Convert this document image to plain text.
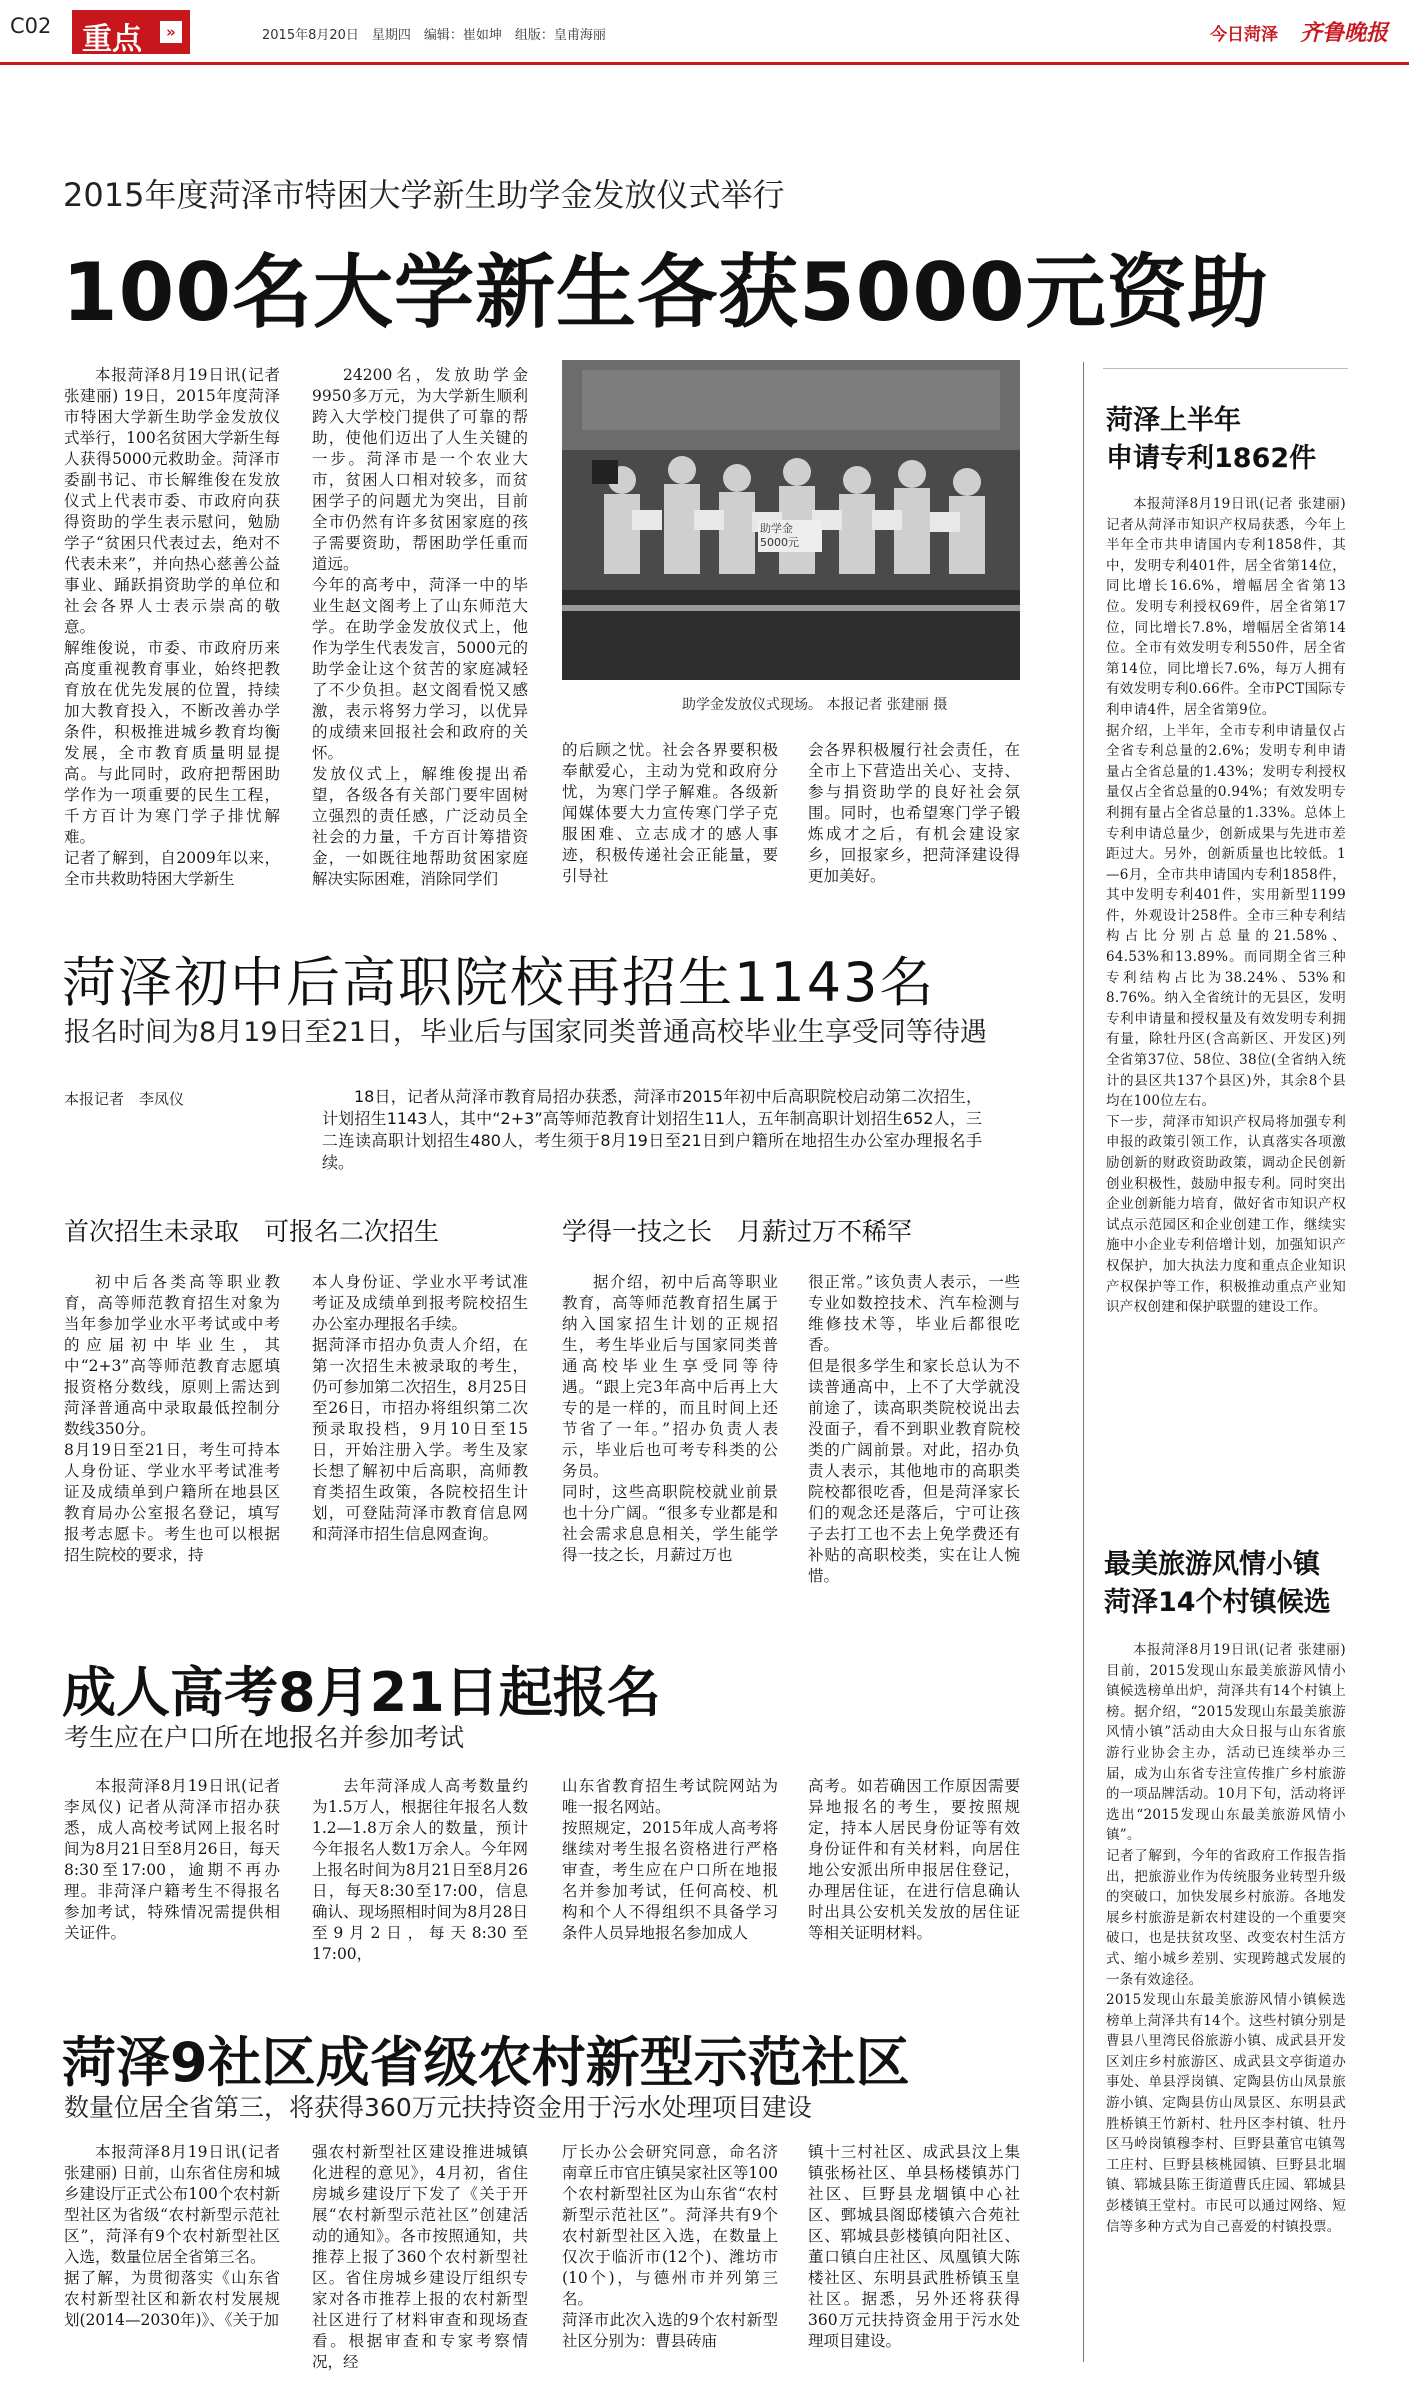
C02 重点	»	2015年8月20日　星期四　编辑：崔如坤　组版：皇甫海丽	今日菏泽 齐鲁晚报
2015年度菏泽市特困大学新生助学金发放仪式举行
100名大学新生各获5000元资助

本报菏泽8月19日讯(记者 张建丽) 19日，2015年度菏泽市特困大学新生助学金发放仪式举行，100名贫困大学新生每人获得5000元救助金。菏泽市委副书记、市长解维俊在发放仪式上代表市委、市政府向获得资助的学生表示慰问，勉励学子“贫困只代表过去，绝对不代表未来”，并向热心慈善公益事业、踊跃捐资助学的单位和社会各界人士表示崇高的敬意。
解维俊说，市委、市政府历来高度重视教育事业，始终把教育放在优先发展的位置，持续加大教育投入，不断改善办学条件，积极推进城乡教育均衡发展，全市教育质量明显提高。与此同时，政府把帮困助学作为一项重要的民生工程，千方百计为寒门学子排忧解难。
记者了解到，自2009年以来，全市共救助特困大学新生

24200名，发放助学金9950多万元，为大学新生顺利跨入大学校门提供了可靠的帮助，使他们迈出了人生关键的一步。菏泽市是一个农业大市，贫困人口相对较多，而贫困学子的问题尤为突出，目前全市仍然有许多贫困家庭的孩子需要资助，帮困助学任重而道远。
今年的高考中，菏泽一中的毕业生赵文阁考上了山东师范大学。在助学金发放仪式上，他作为学生代表发言，5000元的助学金让这个贫苦的家庭减轻了不少负担。赵文阁看悦又感激，表示将努力学习，以优异的成绩来回报社会和政府的关怀。
发放仪式上，解维俊提出希望，各级各有关部门要牢固树立强烈的责任感，广泛动员全社会的力量，千方百计筹措资金，一如既往地帮助贫困家庭解决实际困难，消除同学们

助学金 5000元
助学金发放仪式现场。 本报记者 张建丽 摄

的后顾之忧。社会各界要积极奉献爱心，主动为党和政府分忧，为寒门学子解难。各级新闻媒体要大力宣传寒门学子克服困难、立志成才的感人事迹，积极传递社会正能量，要引导社

会各界积极履行社会责任，在全市上下营造出关心、支持、参与捐资助学的良好社会氛围。同时，也希望寒门学子锻炼成才之后，有机会建设家乡，回报家乡，把菏泽建设得更加美好。

菏泽上半年
申请专利1862件

本报菏泽8月19日讯(记者 张建丽) 记者从菏泽市知识产权局获悉，今年上半年全市共申请国内专利1858件，其中，发明专利401件，居全省第14位，同比增长16.6%，增幅居全省第13位。发明专利授权69件，居全省第17位，同比增长7.8%，增幅居全省第14位。全市有效发明专利550件，居全省第14位，同比增长7.6%，每万人拥有有效发明专利0.66件。全市PCT国际专利申请4件，居全省第9位。
据介绍，上半年，全市专利申请量仅占全省专利总量的2.6%；发明专利申请量占全省总量的1.43%；发明专利授权量仅占全省总量的0.94%；有效发明专利拥有量占全省总量的1.33%。总体上专利申请总量少，创新成果与先进市差距过大。另外，创新质量也比较低。1—6月，全市共申请国内专利1858件，其中发明专利401件，实用新型1199件，外观设计258件。全市三种专利结构占比分别占总量的21.58%、64.53%和13.89%。而同期全省三种专利结构占比为38.24%、53%和8.76%。纳入全省统计的无县区，发明专利申请量和授权量及有效发明专利拥有量，除牡丹区(含高新区、开发区)列全省第37位、58位、38位(全省纳入统计的县区共137个县区)外，其余8个县均在100位左右。
下一步，菏泽市知识产权局将加强专利申报的政策引领工作，认真落实各项激励创新的财政资助政策，调动企民创新创业积极性，鼓励申报专利。同时突出企业创新能力培育，做好省市知识产权试点示范园区和企业创建工作，继续实施中小企业专利倍增计划，加强知识产权保护，加大执法力度和重点企业知识产权保护等工作，积极推动重点产业知识产权创建和保护联盟的建设工作。

最美旅游风情小镇
菏泽14个村镇候选

本报菏泽8月19日讯(记者 张建丽) 目前，2015发现山东最美旅游风情小镇候选榜单出炉，菏泽共有14个村镇上榜。据介绍，“2015发现山东最美旅游风情小镇”活动由大众日报与山东省旅游行业协会主办，活动已连续举办三届，成为山东省专注宣传推广乡村旅游的一项品牌活动。10月下旬，活动将评选出“2015发现山东最美旅游风情小镇”。
记者了解到，今年的省政府工作报告指出，把旅游业作为传统服务业转型升级的突破口，加快发展乡村旅游。各地发展乡村旅游是新农村建设的一个重要突破口，也是扶贫攻坚、改变农村生活方式、缩小城乡差别、实现跨越式发展的一条有效途径。
2015发现山东最美旅游风情小镇候选榜单上菏泽共有14个。这些村镇分别是曹县八里湾民俗旅游小镇、成武县开发区刘庄乡村旅游区、成武县文亭街道办事处、单县浮岗镇、定陶县仿山凤景旅游小镇、定陶县仿山凤景区、东明县武胜桥镇王竹新村、牡丹区李村镇、牡丹区马岭岗镇穆李村、巨野县董官屯镇驾工庄村、巨野县核桃园镇、巨野县北堌镇、郓城县陈王街道曹氏庄园、郓城县彭楼镇王堂村。市民可以通过网络、短信等多种方式为自己喜爱的村镇投票。

菏泽初中后高职院校再招生1143名
报名时间为8月19日至21日，毕业后与国家同类普通高校毕业生享受同等待遇
本报记者　李凤仪	18日，记者从菏泽市教育局招办获悉，菏泽市2015年初中后高职院校启动第二次招生，计划招生1143人，其中“2+3”高等师范教育计划招生11人，五年制高职计划招生652人，三二连读高职计划招生480人，考生须于8月19日至21日到户籍所在地招生办公室办理报名手续。

首次招生未录取　可报名二次招生	学得一技之长　月薪过万不稀罕

初中后各类高等职业教育，高等师范教育招生对象为当年参加学业水平考试或中考的应届初中毕业生，其中“2+3”高等师范教育志愿填报资格分数线，原则上需达到菏泽普通高中录取最低控制分数线350分。
8月19日至21日，考生可持本人身份证、学业水平考试准考证及成绩单到户籍所在地县区教育局办公室报名登记，填写报考志愿卡。考生也可以根据招生院校的要求，持

本人身份证、学业水平考试准考证及成绩单到报考院校招生办公室办理报名手续。
据菏泽市招办负责人介绍，在第一次招生未被录取的考生，仍可参加第二次招生，8月25日至26日，市招办将组织第二次预录取投档，9月10日至15日，开始注册入学。考生及家长想了解初中后高职，高师教育类招生政策，各院校招生计划，可登陆菏泽市教育信息网和菏泽市招生信息网查询。

据介绍，初中后高等职业教育，高等师范教育招生属于纳入国家招生计划的正规招生，考生毕业后与国家同类普通高校毕业生享受同等待遇。“跟上完3年高中后再上大专的是一样的，而且时间上还节省了一年。”招办负责人表示，毕业后也可考专科类的公务员。
同时，这些高职院校就业前景也十分广阔。“很多专业都是和社会需求息息相关，学生能学得一技之长，月薪过万也

很正常。”该负责人表示，一些专业如数控技术、汽车检测与维修技术等，毕业后都很吃香。
但是很多学生和家长总认为不读普通高中，上不了大学就没前途了，读高职类院校说出去没面子，看不到职业教育院校类的广阔前景。对此，招办负责人表示，其他地市的高职类院校都很吃香，但是菏泽家长们的观念还是落后，宁可让孩子去打工也不去上免学费还有补贴的高职校类，实在让人惋惜。

成人高考8月21日起报名
考生应在户口所在地报名并参加考试

本报菏泽8月19日讯(记者 李凤仪) 记者从菏泽市招办获悉，成人高校考试网上报名时间为8月21日至8月26日，每天8:30至17:00，逾期不再办理。非菏泽户籍考生不得报名参加考试，特殊情况需提供相关证件。

去年菏泽成人高考数量约为1.5万人，根据往年报名人数1.2—1.8万余人的数量，预计今年报名人数1万余人。今年网上报名时间为8月21日至8月26日，每天8:30至17:00，信息确认、现场照相时间为8月28日至9月2日，每天8:30至17:00，

山东省教育招生考试院网站为唯一报名网站。
按照规定，2015年成人高考将继续对考生报名资格进行严格审查，考生应在户口所在地报名并参加考试，任何高校、机构和个人不得组织不具备学习条件人员异地报名参加成人

高考。如若确因工作原因需要异地报名的考生，要按照规定，持本人居民身份证等有效身份证件和有关材料，向居住地公安派出所申报居住登记，办理居住证，在进行信息确认时出具公安机关发放的居住证等相关证明材料。

菏泽9社区成省级农村新型示范社区
数量位居全省第三，将获得360万元扶持资金用于污水处理项目建设

本报菏泽8月19日讯(记者 张建丽) 日前，山东省住房和城乡建设厅正式公布100个农村新型社区为省级“农村新型示范社区”，菏泽有9个农村新型社区入选，数量位居全省第三名。
据了解，为贯彻落实《山东省农村新型社区和新农村发展规划(2014—2030年)》、《关于加

强农村新型社区建设推进城镇化进程的意见》，4月初，省住房城乡建设厅下发了《关于开展“农村新型示范社区”创建活动的通知》。各市按照通知，共推荐上报了360个农村新型社区。省住房城乡建设厅组织专家对各市推荐上报的农村新型社区进行了材料审查和现场查看。根据审查和专家考察情况，经

厅长办公会研究同意，命名济南章丘市官庄镇吴家社区等100个农村新型社区为山东省“农村新型示范社区”。菏泽共有9个农村新型社区入选，在数量上仅次于临沂市(12个)、潍坊市(10个)，与德州市并列第三名。
菏泽市此次入选的9个农村新型社区分别为：曹县砖庙

镇十三村社区、成武县汶上集镇张杨社区、单县杨楼镇苏门社区、巨野县龙堌镇中心社区、鄄城县阁邸楼镇六合苑社区、郓城县彭楼镇向阳社区、董口镇白庄社区、凤凰镇大陈楼社区、东明县武胜桥镇玉皇社区。据悉，另外还将获得360万元扶持资金用于污水处理项目建设。
